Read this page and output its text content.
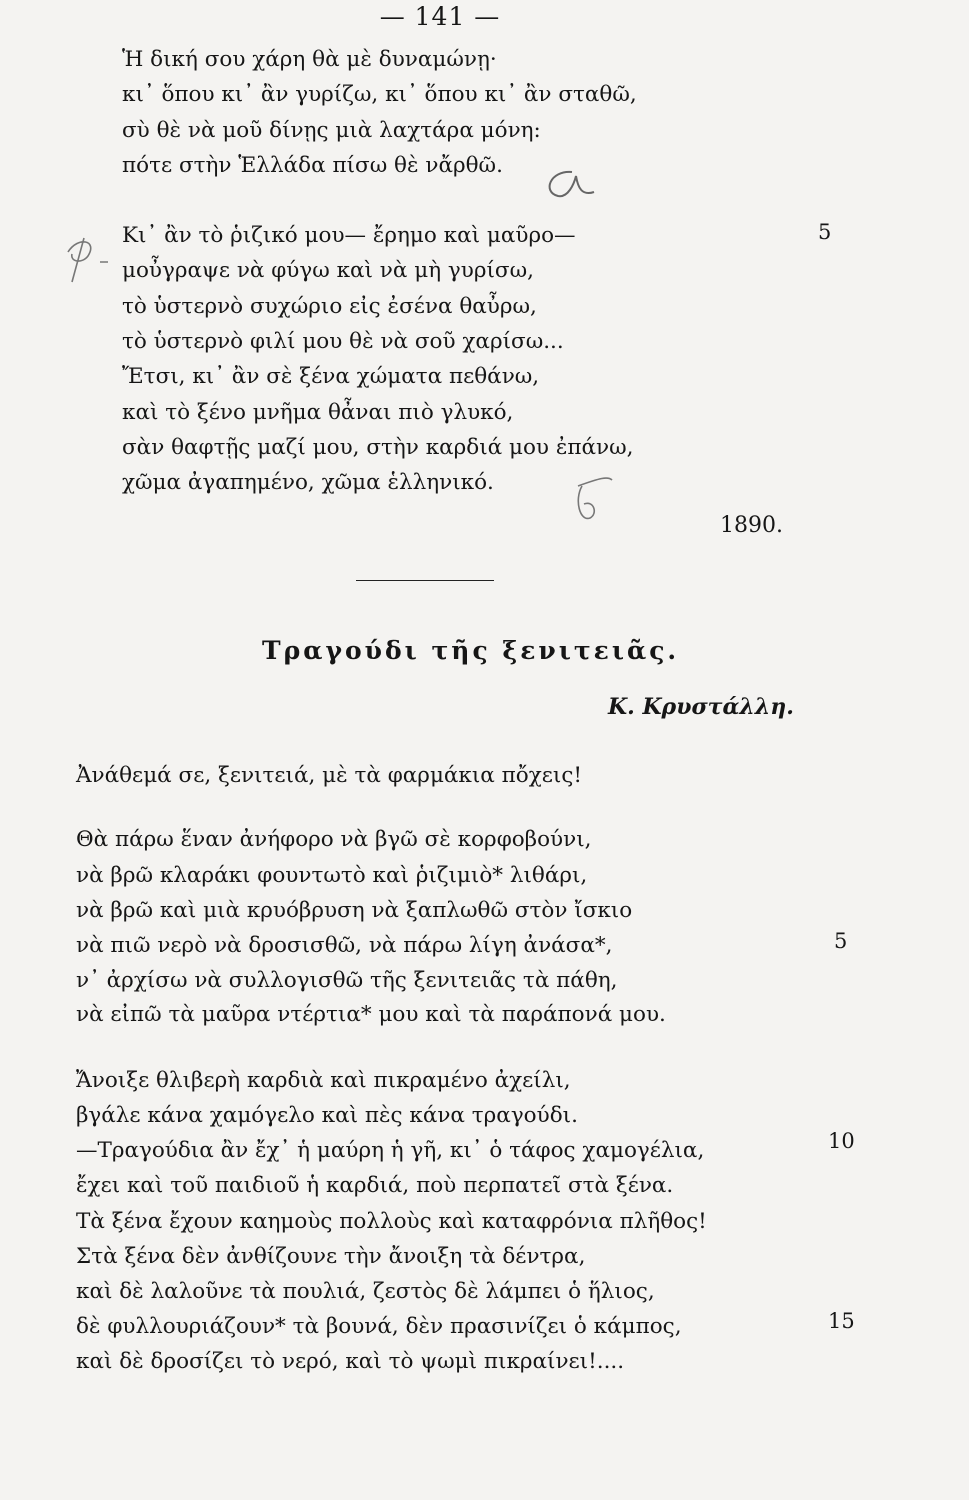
— 141 —
Ἡ δική σου χάρη θὰ μὲ δυναμώνῃ·
κι᾽ ὅπου κι᾽ ἂν γυρίζω, κι᾽ ὅπου κι᾽ ἂν σταθῶ,
σὺ θὲ νὰ μοῦ δίνῃς μιὰ λαχτάρα μόνη:
πότε στὴν Ἑλλάδα πίσω θὲ νἄρθῶ.
Κι᾽ ἂν τὸ ῥιζικό μου— ἔρημο καὶ μαῦρο—
μοὖγραψε νὰ φύγω καὶ νὰ μὴ γυρίσω,
τὸ ὑστερνὸ συχώριο εἰς ἐσένα θαὖρω,
τὸ ὑστερνὸ φιλί μου θὲ νὰ σοῦ χαρίσω...
Ἔτσι, κι᾽ ἂν σὲ ξένα χώματα πεθάνω,
καὶ τὸ ξένο μνῆμα θἆναι πιὸ γλυκό,
σὰν θαφτῇς μαζί μου, στὴν καρδιά μου ἐπάνω,
χῶμα ἀγαπημένο, χῶμα ἑλληνικό.
5
1890.
Τραγούδι τῆς ξενιτειᾶς.
Κ. Κρυστάλλη.
Ἀνάθεμά σε, ξενιτειά, μὲ τὰ φαρμάκια πὄχεις!
Θὰ πάρω ἕναν ἀνήφορο νὰ βγῶ σὲ κορφοβούνι,
νὰ βρῶ κλαράκι φουντωτὸ καὶ ῥιζιμιὸ* λιθάρι,
νὰ βρῶ καὶ μιὰ κρυόβρυση νὰ ξαπλωθῶ στὸν ἴσκιο
νὰ πιῶ νερὸ νὰ δροσισθῶ, νὰ πάρω λίγη ἀνάσα*,
ν᾽ ἀρχίσω νὰ συλλογισθῶ τῆς ξενιτειᾶς τὰ πάθη,
νὰ εἰπῶ τὰ μαῦρα ντέρτια* μου καὶ τὰ παράπονά μου.
Ἄνοιξε θλιβερὴ καρδιὰ καὶ πικραμένο ἀχείλι,
βγάλε κάνα χαμόγελο καὶ πὲς κάνα τραγούδι.
—Τραγούδια ἂν ἔχ᾽ ἡ μαύρη ἡ γῆ, κι᾽ ὁ τάφος χαμογέλια,
ἔχει καὶ τοῦ παιδιοῦ ἡ καρδιά, ποὺ περπατεῖ στὰ ξένα.
Τὰ ξένα ἔχουν καημοὺς πολλοὺς καὶ καταφρόνια πλῆθος!
Στὰ ξένα δὲν ἀνθίζουνε τὴν ἄνοιξη τὰ δέντρα,
καὶ δὲ λαλοῦνε τὰ πουλιά, ζεστὸς δὲ λάμπει ὁ ἥλιος,
δὲ φυλλουριάζουν* τὰ βουνά, δὲν πρασινίζει ὁ κάμπος,
καὶ δὲ δροσίζει τὸ νερό, καὶ τὸ ψωμὶ πικραίνει!....
5
10
15
